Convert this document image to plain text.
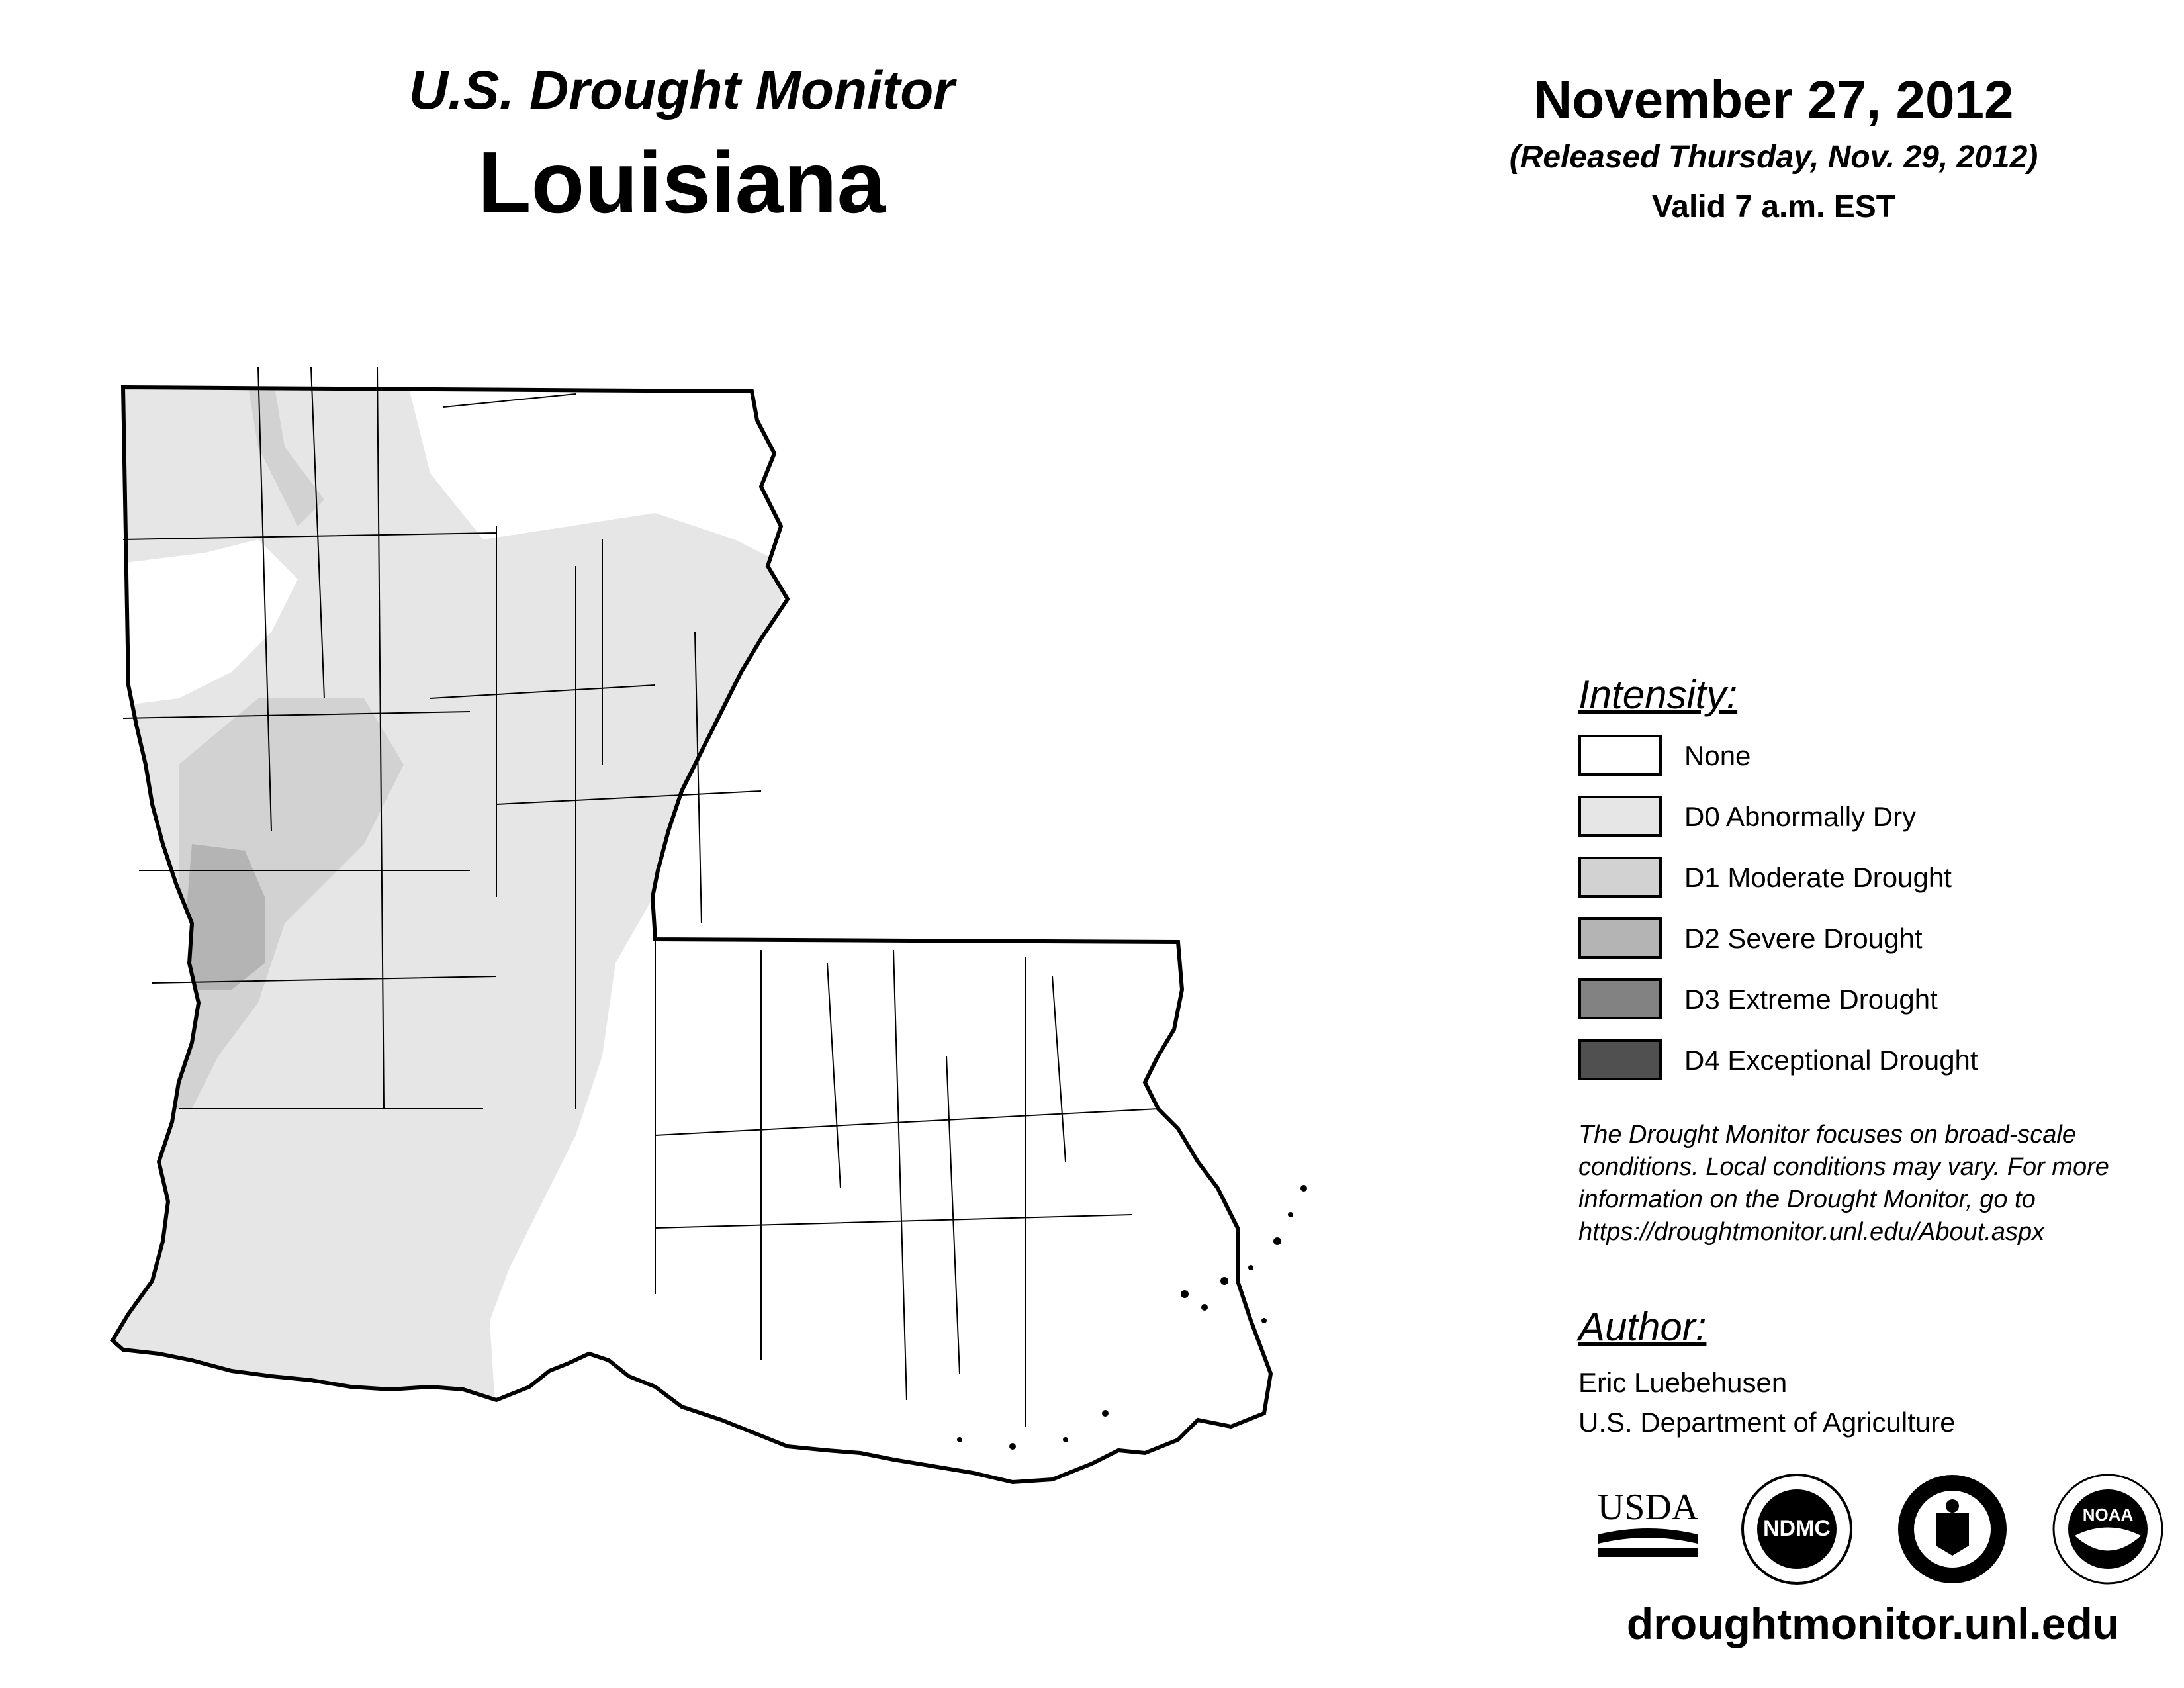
U.S. Drought Monitor
Louisiana
November 27, 2012
(Released Thursday, Nov. 29, 2012)
Valid 7 a.m. EST
Intensity:
None
D0 Abnormally Dry
D1 Moderate Drought
D2 Severe Drought
D3 Extreme Drought
D4 Exceptional Drought
The Drought Monitor focuses on broad-scale
conditions. Local conditions may vary. For more
information on the Drought Monitor, go to
https://droughtmonitor.unl.edu/About.aspx
Author:
Eric Luebehusen
U.S. Department of Agriculture
USDA
NDMC
NOAA
droughtmonitor.unl.edu
